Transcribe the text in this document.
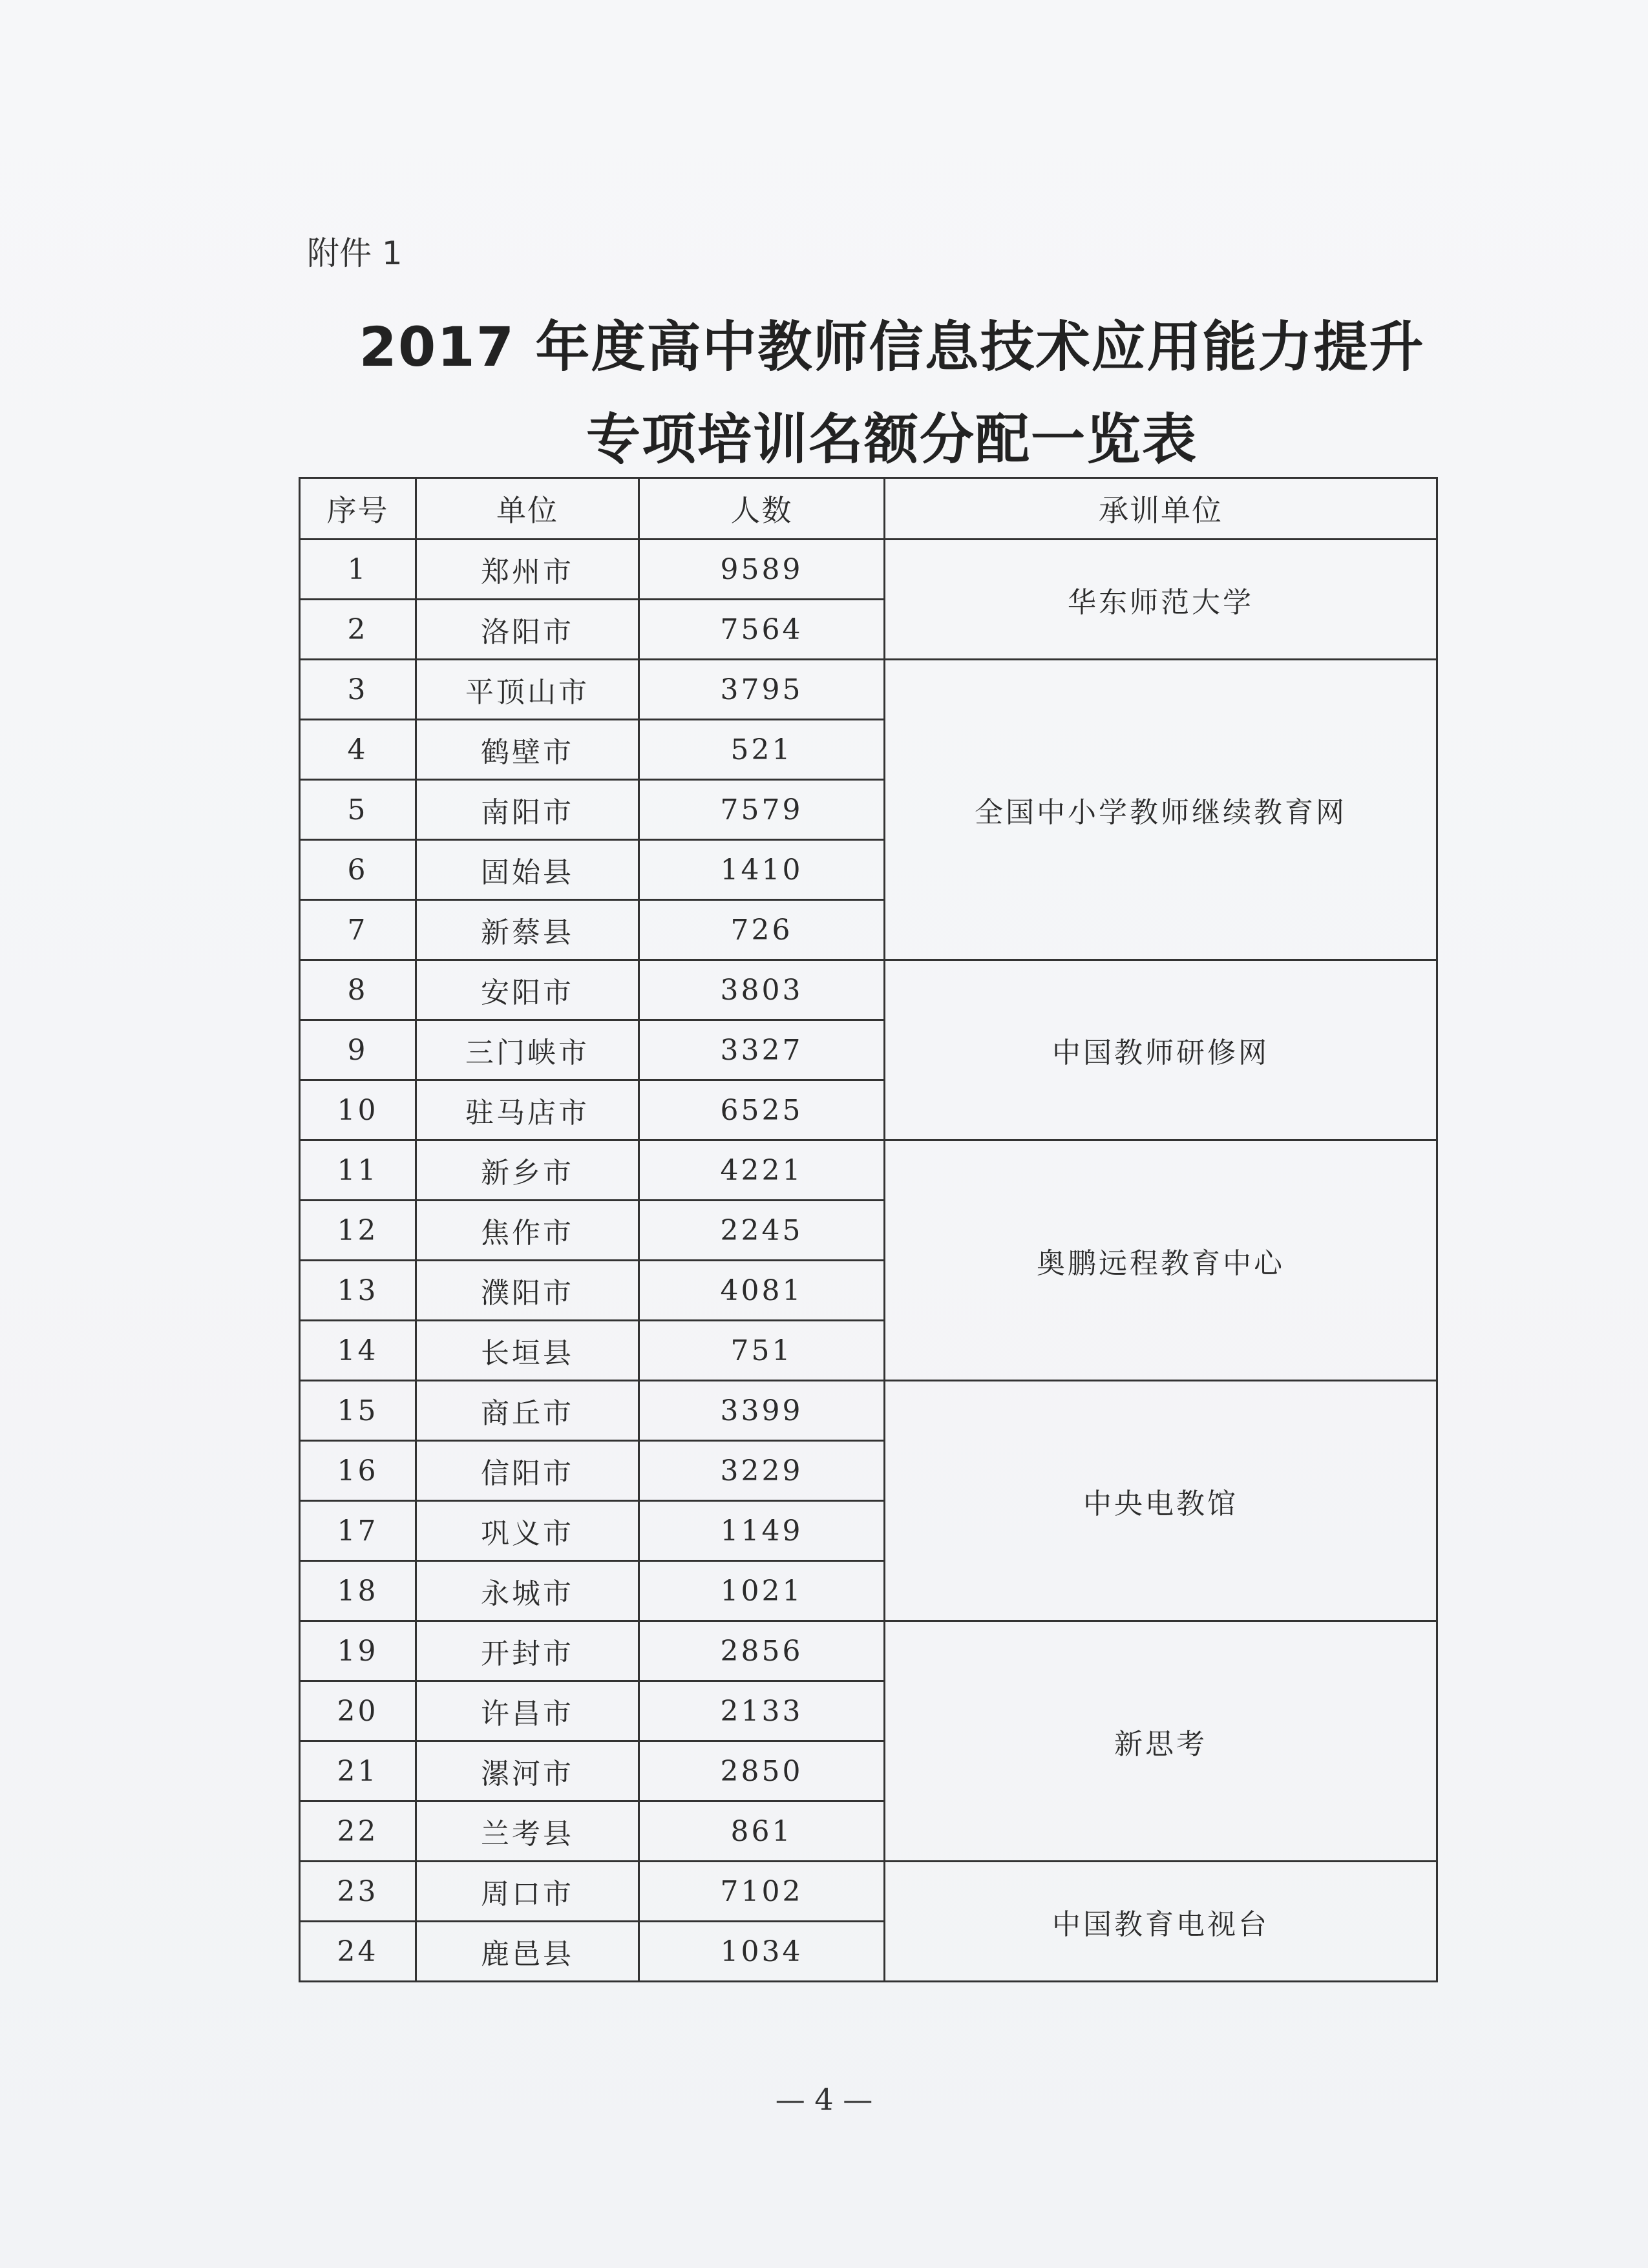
附件 1
2017 年度高中教师信息技术应用能力提升
专项培训名额分配一览表
序号	单位	人数	承训单位
1	郑州市	9589	华东师范大学
2	洛阳市	7564	
3	平顶山市	3795	全国中小学教师继续教育网
4	鹤壁市	521	
5	南阳市	7579	
6	固始县	1410	
7	新蔡县	726	
8	安阳市	3803	中国教师研修网
9	三门峡市	3327	
10	驻马店市	6525	
11	新乡市	4221	奥鹏远程教育中心
12	焦作市	2245	
13	濮阳市	4081	
14	长垣县	751	
15	商丘市	3399	中央电教馆
16	信阳市	3229	
17	巩义市	1149	
18	永城市	1021	
19	开封市	2856	新思考
20	许昌市	2133	
21	漯河市	2850	
22	兰考县	861	
23	周口市	7102	中国教育电视台
24	鹿邑县	1034	
— 4 —
